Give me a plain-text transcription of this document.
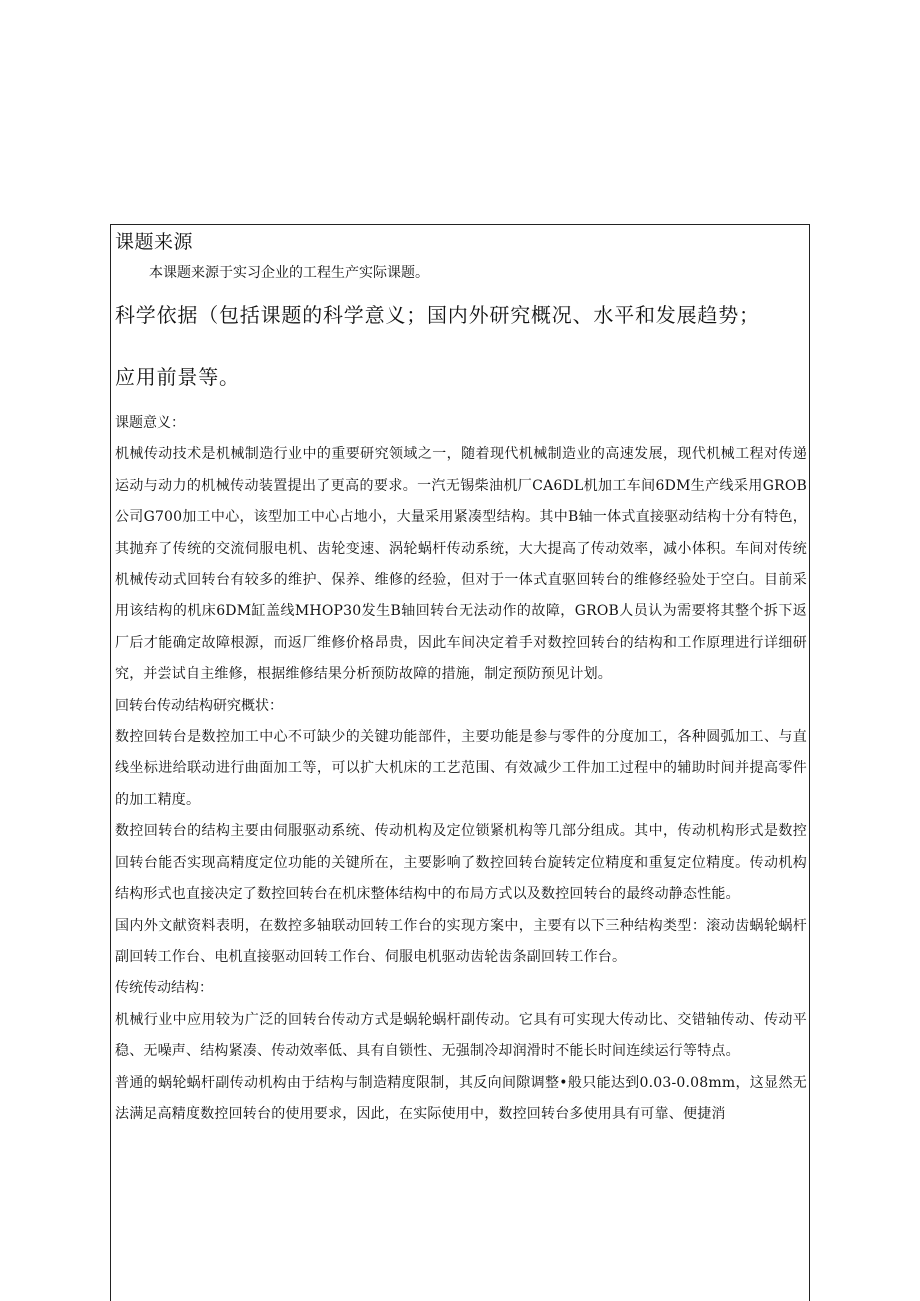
课题来源

本课题来源于实习企业的工程生产实际课题。

科学依据（包括课题的科学意义；国内外研究概况、水平和发展趋势；应用前景等。

课题意义：

机械传动技术是机械制造行业中的重要研究领域之一，随着现代机械制造业的高速发展，现代机械工程对传递运动与动力的机械传动装置提出了更高的要求。一汽无锡柴油机厂CA6DL机加工车间6DM生产线采用GROB公司G700加工中心，该型加工中心占地小，大量采用紧凑型结构。其中B轴一体式直接驱动结构十分有特色，其抛弃了传统的交流伺服电机、齿轮变速、涡轮蜗杆传动系统，大大提高了传动效率，减小体积。车间对传统机械传动式回转台有较多的维护、保养、维修的经验，但对于一体式直驱回转台的维修经验处于空白。目前采用该结构的机床6DM缸盖线MHOP30发生B轴回转台无法动作的故障，GROB人员认为需要将其整个拆下返厂后才能确定故障根源，而返厂维修价格昂贵，因此车间决定着手对数控回转台的结构和工作原理进行详细研究，并尝试自主维修，根据维修结果分析预防故障的措施，制定预防预见计划。

回转台传动结构研究概状：

数控回转台是数控加工中心不可缺少的关键功能部件，主要功能是参与零件的分度加工，各种圆弧加工、与直线坐标进给联动进行曲面加工等，可以扩大机床的工艺范围、有效减少工件加工过程中的辅助时间并提高零件的加工精度。

数控回转台的结构主要由伺服驱动系统、传动机构及定位锁紧机构等几部分组成。其中，传动机构形式是数控回转台能否实现高精度定位功能的关键所在，主要影响了数控回转台旋转定位精度和重复定位精度。传动机构结构形式也直接决定了数控回转台在机床整体结构中的布局方式以及数控回转台的最终动静态性能。

国内外文献资料表明，在数控多轴联动回转工作台的实现方案中，主要有以下三种结构类型：滚动齿蜗轮蜗杆副回转工作台、电机直接驱动回转工作台、伺服电机驱动齿轮齿条副回转工作台。

传统传动结构：

机械行业中应用较为广泛的回转台传动方式是蜗轮蜗杆副传动。它具有可实现大传动比、交错轴传动、传动平稳、无噪声、结构紧凑、传动效率低、具有自锁性、无强制冷却润滑时不能长时间连续运行等特点。

普通的蜗轮蜗杆副传动机构由于结构与制造精度限制，其反向间隙调整•般只能达到0.03-0.08mm，这显然无法满足高精度数控回转台的使用要求，因此，在实际使用中，数控回转台多使用具有可靠、便捷消
